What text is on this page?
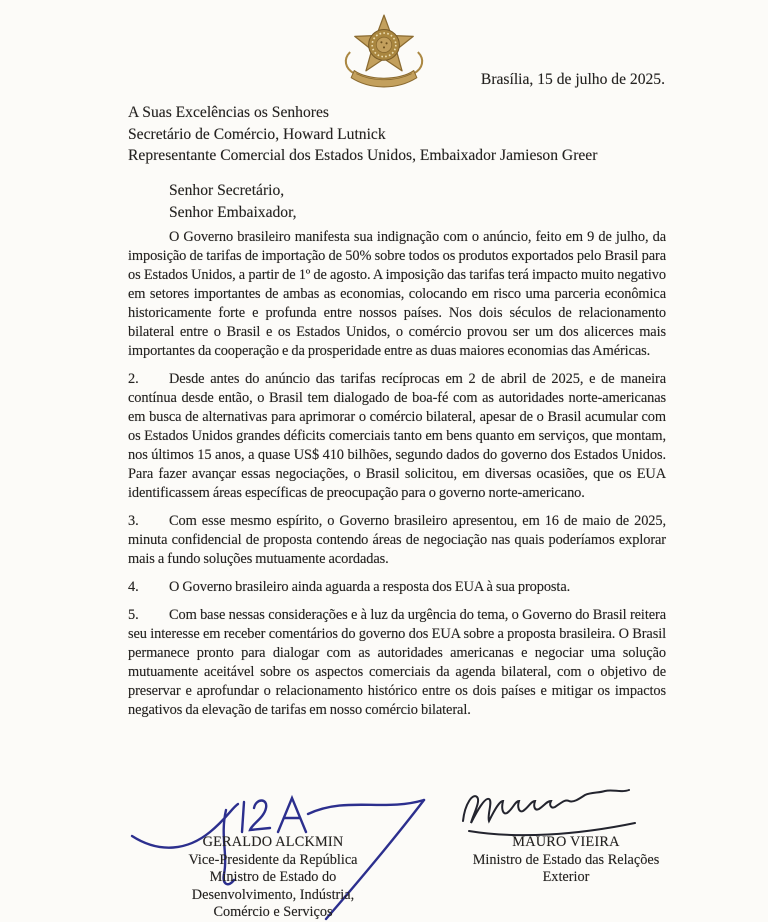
Brasília, 15 de julho de 2025.

A Suas Excelências os Senhores

Secretário de Comércio, Howard Lutnick

Representante Comercial dos Estados Unidos, Embaixador Jamieson Greer

Senhor Secretário,

Senhor Embaixador,

O Governo brasileiro manifesta sua indignação com o anúncio, feito em 9 de julho, da imposição de tarifas de importação de 50% sobre todos os produtos exportados pelo Brasil para os Estados Unidos, a partir de 1º de agosto. A imposição das tarifas terá impacto muito negativo em setores importantes de ambas as economias, colocando em risco uma parceria econômica historicamente forte e profunda entre nossos países. Nos dois séculos de relacionamento bilateral entre o Brasil e os Estados Unidos, o comércio provou ser um dos alicerces mais importantes da cooperação e da prosperidade entre as duas maiores economias das Américas.

2. Desde antes do anúncio das tarifas recíprocas em 2 de abril de 2025, e de maneira contínua desde então, o Brasil tem dialogado de boa-fé com as autoridades norte-americanas em busca de alternativas para aprimorar o comércio bilateral, apesar de o Brasil acumular com os Estados Unidos grandes déficits comerciais tanto em bens quanto em serviços, que montam, nos últimos 15 anos, a quase US$ 410 bilhões, segundo dados do governo dos Estados Unidos. Para fazer avançar essas negociações, o Brasil solicitou, em diversas ocasiões, que os EUA identificassem áreas específicas de preocupação para o governo norte-americano.

3. Com esse mesmo espírito, o Governo brasileiro apresentou, em 16 de maio de 2025, minuta confidencial de proposta contendo áreas de negociação nas quais poderíamos explorar mais a fundo soluções mutuamente acordadas.

4. O Governo brasileiro ainda aguarda a resposta dos EUA à sua proposta.

5. Com base nessas considerações e à luz da urgência do tema, o Governo do Brasil reitera seu interesse em receber comentários do governo dos EUA sobre a proposta brasileira. O Brasil permanece pronto para dialogar com as autoridades americanas e negociar uma solução mutuamente aceitável sobre os aspectos comerciais da agenda bilateral, com o objetivo de preservar e aprofundar o relacionamento histórico entre os dois países e mitigar os impactos negativos da elevação de tarifas em nosso comércio bilateral.

GERALDO ALCKMIN

Vice-Presidente da República

Ministro de Estado do

Desenvolvimento, Indústria,

Comércio e Serviços

MAURO VIEIRA

Ministro de Estado das Relações

Exterior
